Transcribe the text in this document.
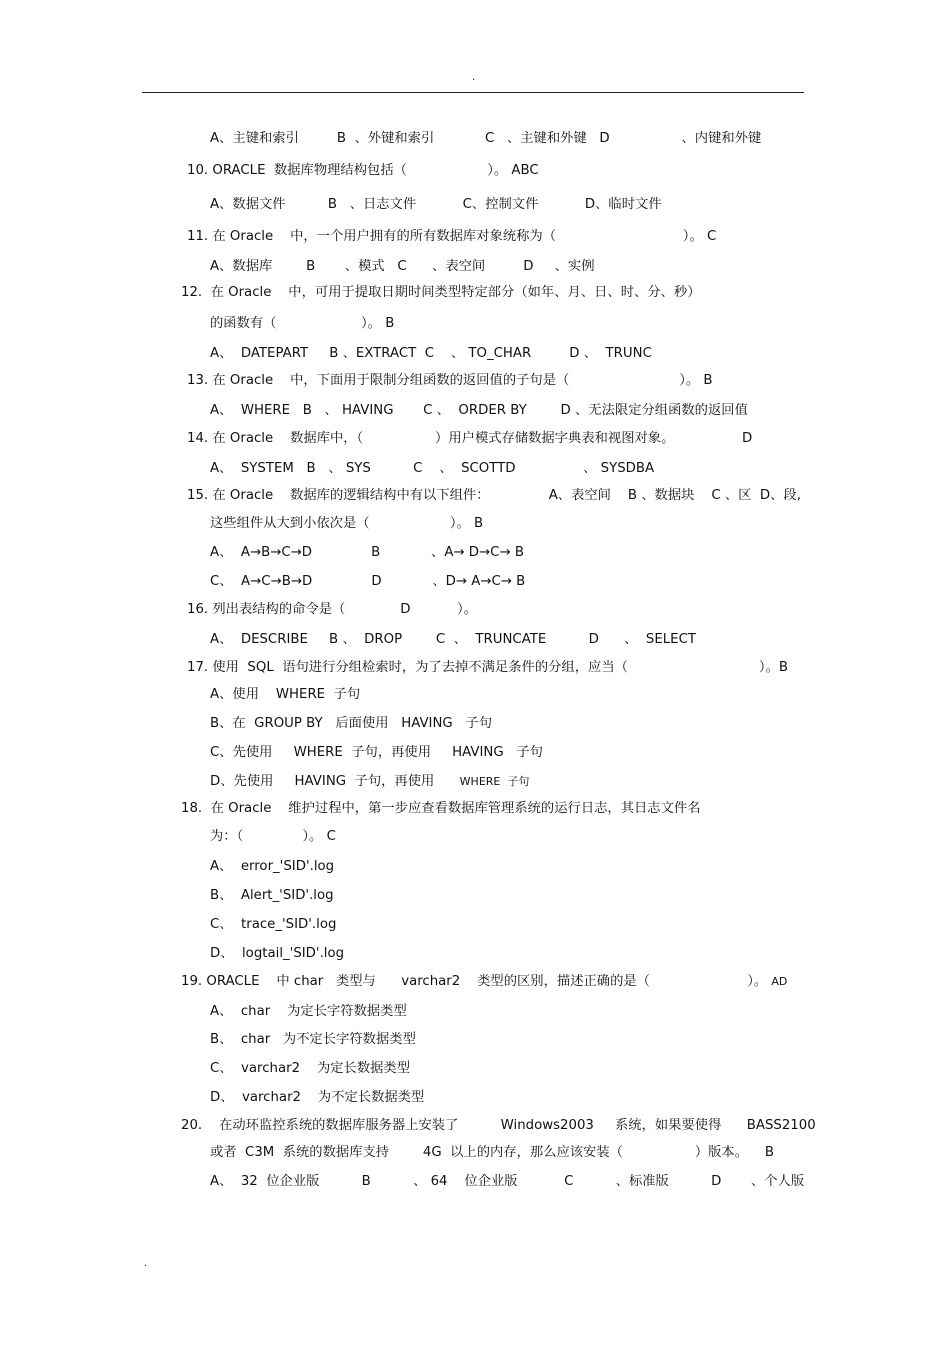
.
A、主键和索引         B  、外键和索引            C   、主键和外键   D                 、内键和外键
10. ORACLE  数据库物理结构包括（                   ）。 ABC
A、数据文件          B   、日志文件           C、控制文件           D、临时文件
11. 在 Oracle    中，一个用户拥有的所有数据库对象统称为（                              ）。 C
A、数据库        B       、模式   C      、表空间         D     、实例
12.  在 Oracle    中，可用于提取日期时间类型特定部分（如年、月、日、时、分、秒）
的函数有（                    ）。 B
A、  DATEPART     B 、EXTRACT  C    、 TO_CHAR         D 、  TRUNC
13. 在 Oracle    中，下面用于限制分组函数的返回值的子句是（                          ）。 B
A、  WHERE   B   、 HAVING       C 、  ORDER BY        D 、无法限定分组函数的返回值
14. 在 Oracle    数据库中，（                 ）用户模式存储数据字典表和视图对象。                D
A、  SYSTEM   B   、 SYS          C    、  SCOTTD                、 SYSDBA
15. 在 Oracle    数据库的逻辑结构中有以下组件：              A、表空间    B 、数据块    C 、区  D、段,
这些组件从大到小依次是（                   ）。 B
A、  A→B→C→D              B            、A→ D→C→ B
C、  A→C→B→D              D            、D→ A→C→ B
16. 列出表结构的命令是（             D           ）。
A、  DESCRIBE     B 、  DROP        C  、  TRUNCATE          D      、  SELECT
17. 使用  SQL  语句进行分组检索时，为了去掉不满足条件的分组，应当（                               ）。B
A、使用    WHERE  子句
B、在  GROUP BY   后面使用   HAVING   子句
C、先使用     WHERE  子句，再使用     HAVING   子句
D、先使用     HAVING  子句，再使用      WHERE  子句
18.  在 Oracle    维护过程中，第一步应查看数据库管理系统的运行日志，其日志文件名
为：（              ）。 C
A、  error_'SID'.log
B、  Alert_'SID'.log
C、  trace_'SID'.log
D、  logtail_'SID'.log
19. ORACLE    中 char   类型与      varchar2    类型的区别，描述正确的是（                       ）。 AD
A、  char    为定长字符数据类型
B、  char   为不定长字符数据类型
C、  varchar2    为定长数据类型
D、  varchar2    为不定长数据类型
20.    在动环监控系统的数据库服务器上安装了          Windows2003     系统，如果要使得      BASS2100
或者  C3M  系统的数据库支持        4G  以上的内存，那么应该安装（                 ）版本。    B
A、  32  位企业版          B          、 64    位企业版           C          、标准版          D       、个人版
.
